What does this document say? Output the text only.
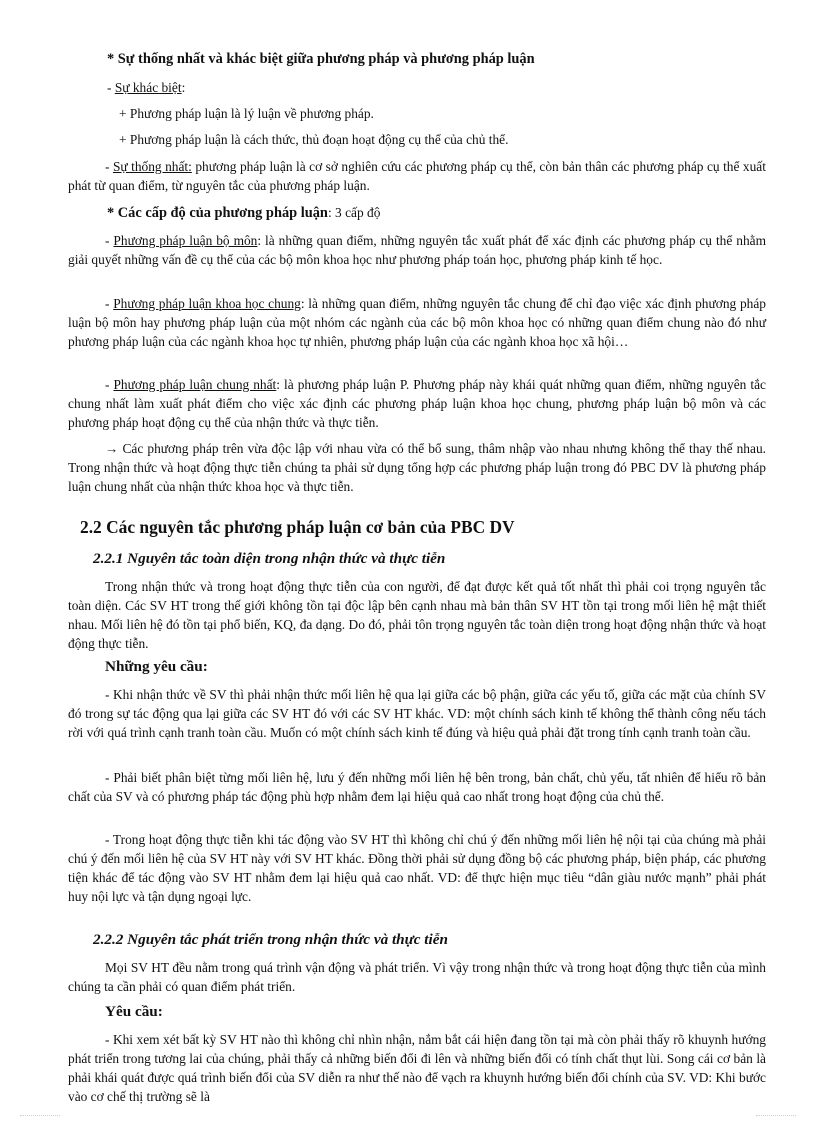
* Sự thống nhất và khác biệt giữa phương pháp và phương pháp luận

- Sự khác biệt:

+ Phương pháp luận là lý luận về phương pháp.

+ Phương pháp luận là cách thức, thủ đoạn hoạt động cụ thể của chủ thể.

- Sự thống nhất: phương pháp luận là cơ sở nghiên cứu các phương pháp cụ thể, còn bản thân các phương pháp cụ thể xuất phát từ quan điểm, từ nguyên tắc của phương pháp luận.

* Các cấp độ của phương pháp luận: 3 cấp độ

- Phương pháp luận bộ môn: là những quan điểm, những nguyên tắc xuất phát để xác định các phương pháp cụ thể nhằm giải quyết những vấn đề cụ thể của các bộ môn khoa học như phương pháp toán học, phương pháp kinh tế học.

- Phương pháp luận khoa học chung: là những quan điểm, những nguyên tắc chung để chỉ đạo việc xác định phương pháp luận bộ môn hay phương pháp luận của một nhóm các ngành của các bộ môn khoa học có những quan điểm chung nào đó như phương pháp luận của các ngành khoa học tự nhiên, phương pháp luận của các ngành khoa học xã hội…

- Phương pháp luận chung nhất: là phương pháp luận P. Phương pháp này khái quát những quan điểm, những nguyên tắc chung nhất làm xuất phát điểm cho việc xác định các phương pháp luận khoa học chung, phương pháp luận bộ môn và các phương pháp hoạt động cụ thể của nhận thức và thực tiễn.

→ Các phương pháp trên vừa độc lập với nhau vừa có thể bổ sung, thâm nhập vào nhau nhưng không thể thay thế nhau. Trong nhận thức và hoạt động thực tiễn chúng ta phải sử dụng tổng hợp các phương pháp luận trong đó PBC DV là phương pháp luận chung nhất của nhận thức khoa học và thực tiễn.

2.2 Các nguyên tắc phương pháp luận cơ bản của PBC DV

2.2.1 Nguyên tắc toàn diện trong nhận thức và thực tiễn

Trong nhận thức và trong hoạt động thực tiễn của con người, để đạt được kết quả tốt nhất thì phải coi trọng nguyên tắc toàn diện. Các SV HT trong thế giới không tồn tại độc lập bên cạnh nhau mà bản thân SV HT tồn tại trong mối liên hệ mật thiết nhau. Mối liên hệ đó tồn tại phổ biến, KQ, đa dạng. Do đó, phải tôn trọng nguyên tắc toàn diện trong hoạt động nhận thức và hoạt động thực tiễn.

Những yêu cầu:

- Khi nhận thức về SV thì phải nhận thức mối liên hệ qua lại giữa các bộ phận, giữa các yếu tố, giữa các mặt của chính SV đó trong sự tác động qua lại giữa các SV HT đó với các SV HT khác. VD: một chính sách kinh tế không thể thành công nếu tách rời với quá trình cạnh tranh toàn cầu. Muốn có một chính sách kinh tế đúng và hiệu quả phải đặt trong tính cạnh tranh toàn cầu.

- Phải biết phân biệt từng mối liên hệ, lưu ý đến những mối liên hệ bên trong, bản chất, chủ yếu, tất nhiên để hiểu rõ bản chất của SV và có phương pháp tác động phù hợp nhằm đem lại hiệu quả cao nhất trong hoạt động của chủ thể.

- Trong hoạt động thực tiễn khi tác động vào SV HT thì không chỉ chú ý đến những mối liên hệ nội tại của chúng mà phải chú ý đến mối liên hệ của SV HT này với SV HT khác. Đồng thời phải sử dụng đồng bộ các phương pháp, biện pháp, các phương tiện khác để tác động vào SV HT nhằm đem lại hiệu quả cao nhất. VD: để thực hiện mục tiêu “dân giàu nước mạnh” phải phát huy nội lực và tận dụng ngoại lực.

2.2.2 Nguyên tắc phát triển trong nhận thức và thực tiễn

Mọi SV HT đều nằm trong quá trình vận động và phát triển. Vì vậy trong nhận thức và trong hoạt động thực tiễn của mình chúng ta cần phải có quan điểm phát triển.

Yêu cầu:

- Khi xem xét bất kỳ SV HT nào thì không chỉ nhìn nhận, nắm bắt cái hiện đang tồn tại mà còn phải thấy rõ khuynh hướng phát triển trong tương lai của chúng, phải thấy cả những biến đổi đi lên và những biến đổi có tính chất thụt lùi. Song cái cơ bản là phải khái quát được quá trình biến đổi của SV diễn ra như thế nào để vạch ra khuynh hướng biến đổi chính của SV. VD: Khi bước vào cơ chế thị trường sẽ là
